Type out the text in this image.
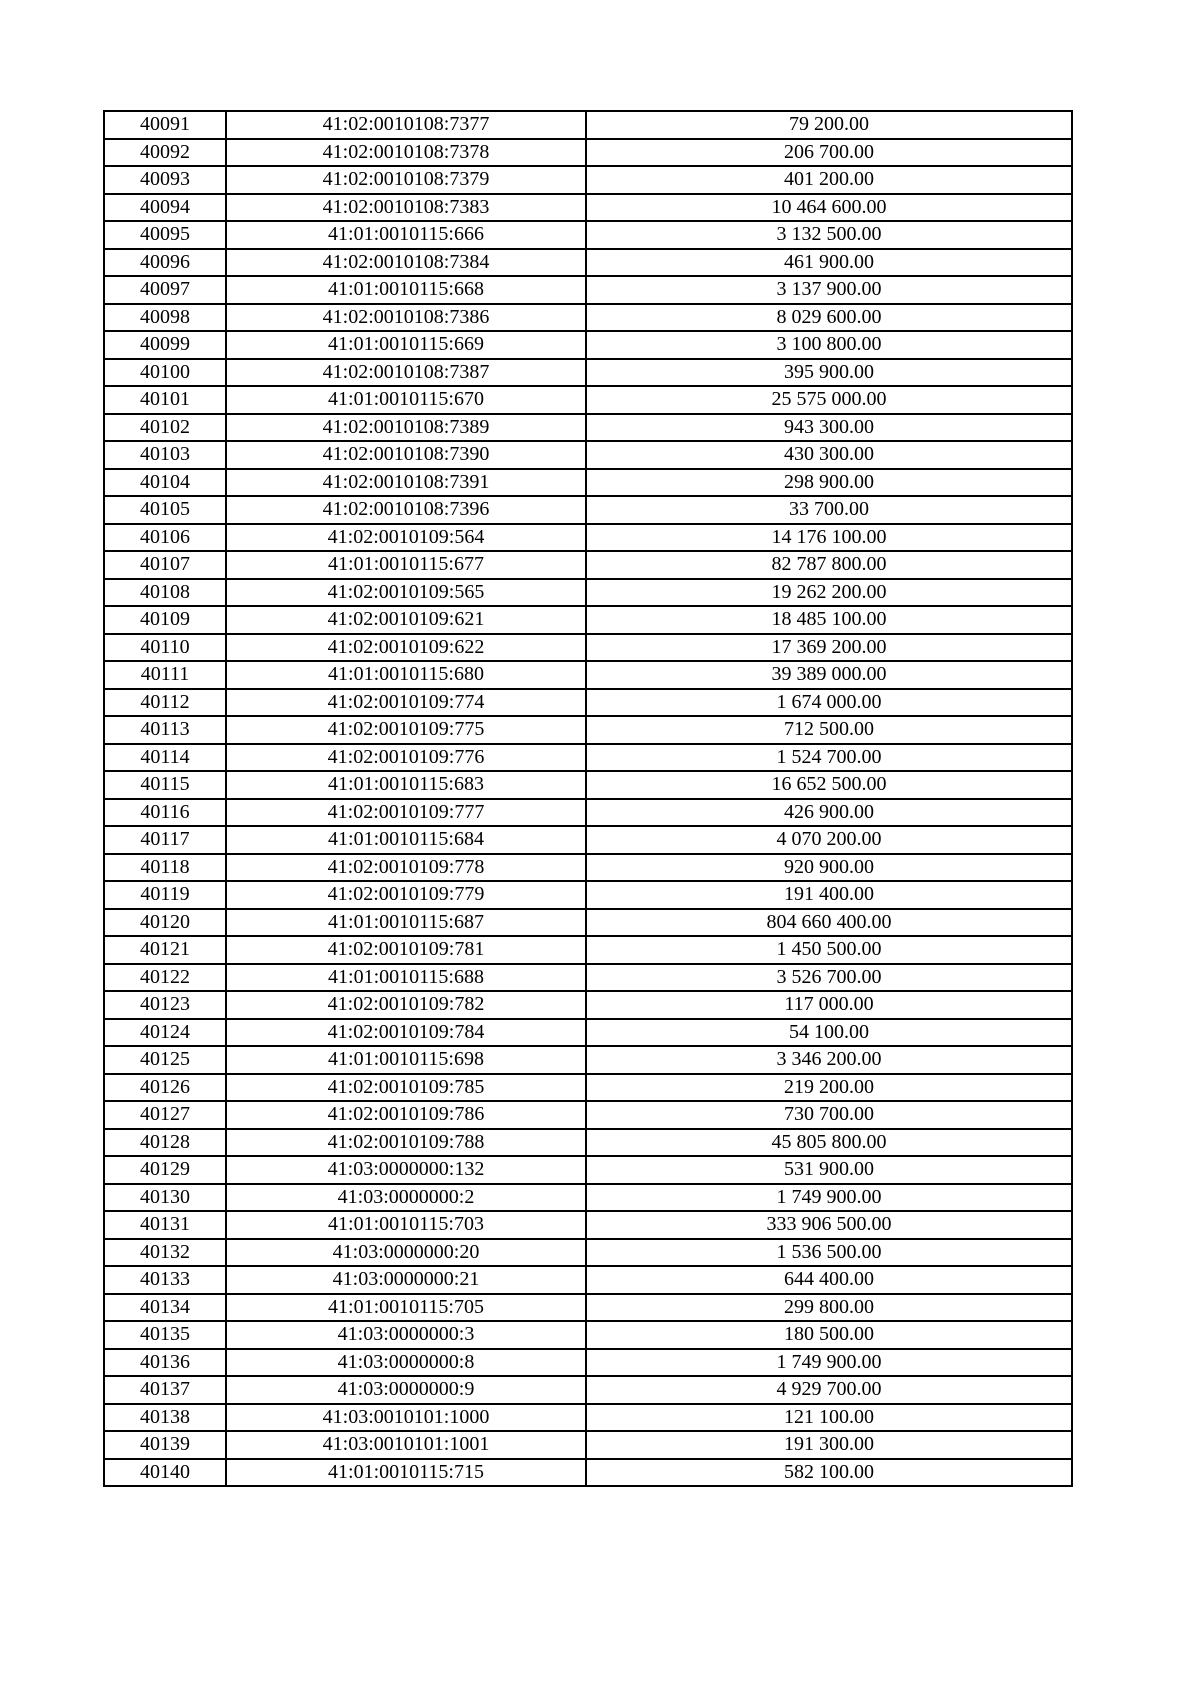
40091	41:02:0010108:7377	79 200.00
40092	41:02:0010108:7378	206 700.00
40093	41:02:0010108:7379	401 200.00
40094	41:02:0010108:7383	10 464 600.00
40095	41:01:0010115:666	3 132 500.00
40096	41:02:0010108:7384	461 900.00
40097	41:01:0010115:668	3 137 900.00
40098	41:02:0010108:7386	8 029 600.00
40099	41:01:0010115:669	3 100 800.00
40100	41:02:0010108:7387	395 900.00
40101	41:01:0010115:670	25 575 000.00
40102	41:02:0010108:7389	943 300.00
40103	41:02:0010108:7390	430 300.00
40104	41:02:0010108:7391	298 900.00
40105	41:02:0010108:7396	33 700.00
40106	41:02:0010109:564	14 176 100.00
40107	41:01:0010115:677	82 787 800.00
40108	41:02:0010109:565	19 262 200.00
40109	41:02:0010109:621	18 485 100.00
40110	41:02:0010109:622	17 369 200.00
40111	41:01:0010115:680	39 389 000.00
40112	41:02:0010109:774	1 674 000.00
40113	41:02:0010109:775	712 500.00
40114	41:02:0010109:776	1 524 700.00
40115	41:01:0010115:683	16 652 500.00
40116	41:02:0010109:777	426 900.00
40117	41:01:0010115:684	4 070 200.00
40118	41:02:0010109:778	920 900.00
40119	41:02:0010109:779	191 400.00
40120	41:01:0010115:687	804 660 400.00
40121	41:02:0010109:781	1 450 500.00
40122	41:01:0010115:688	3 526 700.00
40123	41:02:0010109:782	117 000.00
40124	41:02:0010109:784	54 100.00
40125	41:01:0010115:698	3 346 200.00
40126	41:02:0010109:785	219 200.00
40127	41:02:0010109:786	730 700.00
40128	41:02:0010109:788	45 805 800.00
40129	41:03:0000000:132	531 900.00
40130	41:03:0000000:2	1 749 900.00
40131	41:01:0010115:703	333 906 500.00
40132	41:03:0000000:20	1 536 500.00
40133	41:03:0000000:21	644 400.00
40134	41:01:0010115:705	299 800.00
40135	41:03:0000000:3	180 500.00
40136	41:03:0000000:8	1 749 900.00
40137	41:03:0000000:9	4 929 700.00
40138	41:03:0010101:1000	121 100.00
40139	41:03:0010101:1001	191 300.00
40140	41:01:0010115:715	582 100.00
